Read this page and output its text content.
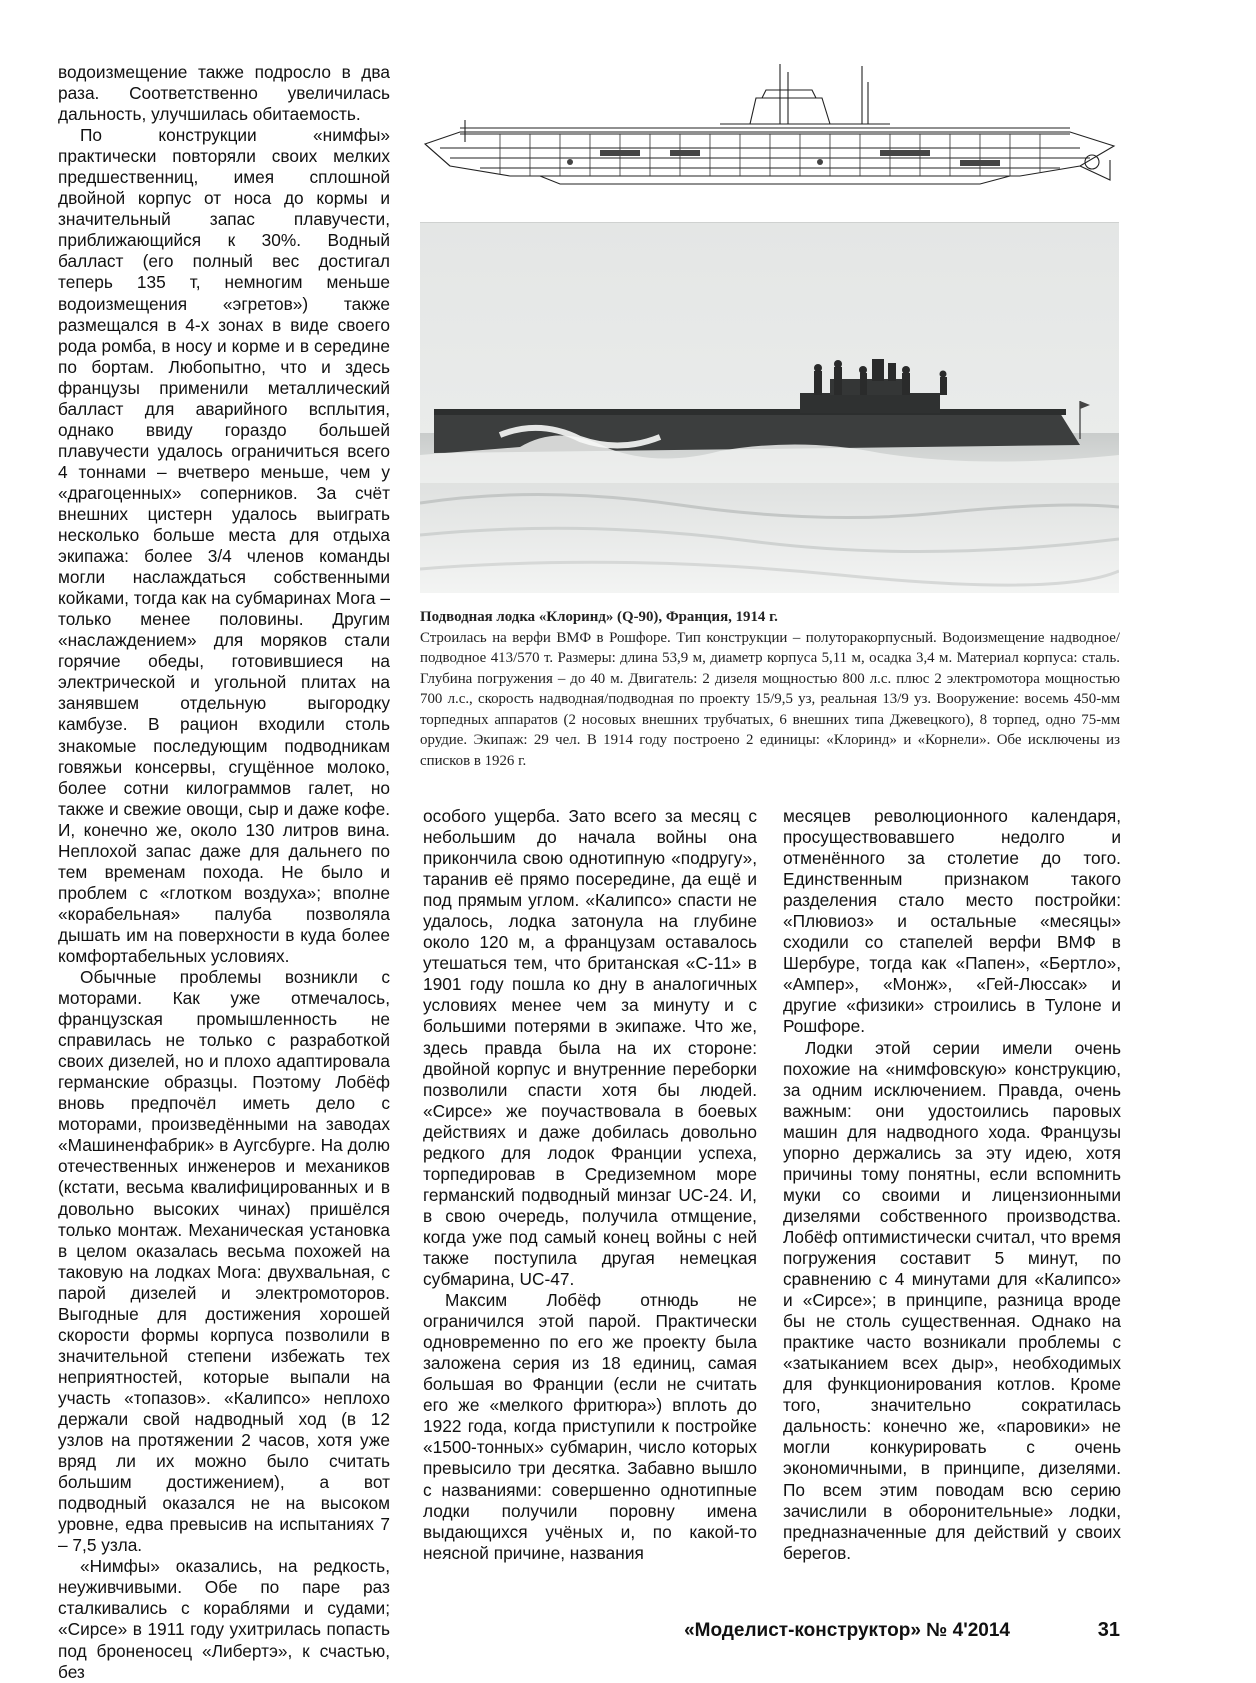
водоизмещение также подросло в два раза. Соответственно увеличилась дальность, улучшилась обитаемость.

По конструкции «нимфы» практически повторяли своих мелких предшественниц, имея сплошной двойной корпус от носа до кормы и значительный запас плавучести, приближающийся к 30%. Водный балласт (его полный вес достигал теперь 135 т, немногим меньше водоизмещения «эгретов») также размещался в 4-х зонах в виде своего рода ромба, в носу и корме и в середине по бортам. Любопытно, что и здесь французы применили металлический балласт для аварийного всплытия, однако ввиду гораздо большей плавучести удалось ограничиться всего 4 тоннами – вчетверо меньше, чем у «драгоценных» соперников. За счёт внешних цистерн удалось выиграть несколько больше места для отдыха экипажа: более 3/4 членов команды могли наслаждаться собственными койками, тогда как на субмаринах Мога – только менее половины. Другим «наслаждением» для моряков стали горячие обеды, готовившиеся на электрической и угольной плитах на занявшем отдельную выгородку камбузе. В рацион входили столь знакомые последующим подводникам говяжьи консервы, сгущённое молоко, более сотни килограммов галет, но также и свежие овощи, сыр и даже кофе. И, конечно же, около 130 литров вина. Неплохой запас даже для дальнего по тем временам похода. Не было и проблем с «глотком воздуха»; вполне «корабельная» палуба позволяла дышать им на поверхности в куда более комфортабельных условиях.

Обычные проблемы возникли с моторами. Как уже отмечалось, французская промышленность не справилась не только с разработкой своих дизелей, но и плохо адаптировала германские образцы. Поэтому Лобёф вновь предпочёл иметь дело с моторами, произведёнными на заводах «Машиненфабрик» в Аугсбурге. На долю отечественных инженеров и механиков (кстати, весьма квалифицированных и в довольно высоких чинах) пришёлся только монтаж. Механическая установка в целом оказалась весьма похожей на таковую на лодках Мога: двухвальная, с парой дизелей и электромоторов. Выгодные для достижения хорошей скорости формы корпуса позволили в значительной степени избежать тех неприятностей, которые выпали на участь «топазов». «Калипсо» неплохо держали свой надводный ход (в 12 узлов на протяжении 2 часов, хотя уже вряд ли их можно было считать большим достижением), а вот подводный оказался не на высоком уровне, едва превысив на испытаниях 7 – 7,5 узла.

«Нимфы» оказались, на редкость, неуживчивыми. Обе по паре раз сталкивались с кораблями и судами; «Сирсе» в 1911 году ухитрилась попасть под броненосец «Либертэ», к счастью, без

Подводная лодка «Клоринд» (Q-90), Франция, 1914 г.
Строилась на верфи ВМФ в Рошфоре. Тип конструкции – полуторакорпусный. Водоизмещение надводное/подводное 413/570 т. Размеры: длина 53,9 м, диаметр корпуса 5,11 м, осадка 3,4 м. Материал корпуса: сталь. Глубина погружения – до 40 м. Двигатель: 2 дизеля мощностью 800 л.с. плюс 2 электромотора мощностью 700 л.с., скорость надводная/подводная по проекту 15/9,5 уз, реальная 13/9 уз. Вооружение: восемь 450-мм торпедных аппаратов (2 носовых внешних трубчатых, 6 внешних типа Джевецкого), 8 торпед, одно 75-мм орудие. Экипаж: 29 чел. В 1914 году построено 2 единицы: «Клоринд» и «Корнели». Обе исключены из списков в 1926 г.

особого ущерба. Зато всего за месяц с небольшим до начала войны она прикончила свою однотипную «подругу», таранив её прямо посередине, да ещё и под прямым углом. «Калипсо» спасти не удалось, лодка затонула на глубине около 120 м, а французам оставалось утешаться тем, что британская «С-11» в 1901 году пошла ко дну в аналогичных условиях менее чем за минуту и с большими потерями в экипаже. Что же, здесь правда была на их стороне: двойной корпус и внутренние переборки позволили спасти хотя бы людей. «Сирсе» же поучаствовала в боевых действиях и даже добилась довольно редкого для лодок Франции успеха, торпедировав в Средиземном море германский подводный минзаг UC-24. И, в свою очередь, получила отмщение, когда уже под самый конец войны с ней также поступила другая немецкая субмарина, UC-47.

Максим Лобёф отнюдь не ограничился этой парой. Практически одновременно по его же проекту была заложена серия из 18 единиц, самая большая во Франции (если не считать его же «мелкого фритюра») вплоть до 1922 года, когда приступили к постройке «1500-тонных» субмарин, число которых превысило три десятка. Забавно вышло с названиями: совершенно однотипные лодки получили поровну имена выдающихся учёных и, по какой-то неясной причине, названия

месяцев революционного календаря, просуществовавшего недолго и отменённого за столетие до того. Единственным признаком такого разделения стало место постройки: «Плювиоз» и остальные «месяцы» сходили со стапелей верфи ВМФ в Шербуре, тогда как «Папен», «Бертло», «Ампер», «Монж», «Гей-Люссак» и другие «физики» строились в Тулоне и Рошфоре.

Лодки этой серии имели очень похожие на «нимфовскую» конструкцию, за одним исключением. Правда, очень важным: они удостоились паровых машин для надводного хода. Французы упорно держались за эту идею, хотя причины тому понятны, если вспомнить муки со своими и лицензионными дизелями собственного производства. Лобёф оптимистически считал, что время погружения составит 5 минут, по сравнению с 4 минутами для «Калипсо» и «Сирсе»; в принципе, разница вроде бы не столь существенная. Однако на практике часто возникали проблемы с «затыканием всех дыр», необходимых для функционирования котлов. Кроме того, значительно сократилась дальность: конечно же, «паровики» не могли конкурировать с очень экономичными, в принципе, дизелями. По всем этим поводам всю серию зачислили в оборонительные» лодки, предназначенные для действий у своих берегов.

«Моделист-конструктор» № 4'2014	31
